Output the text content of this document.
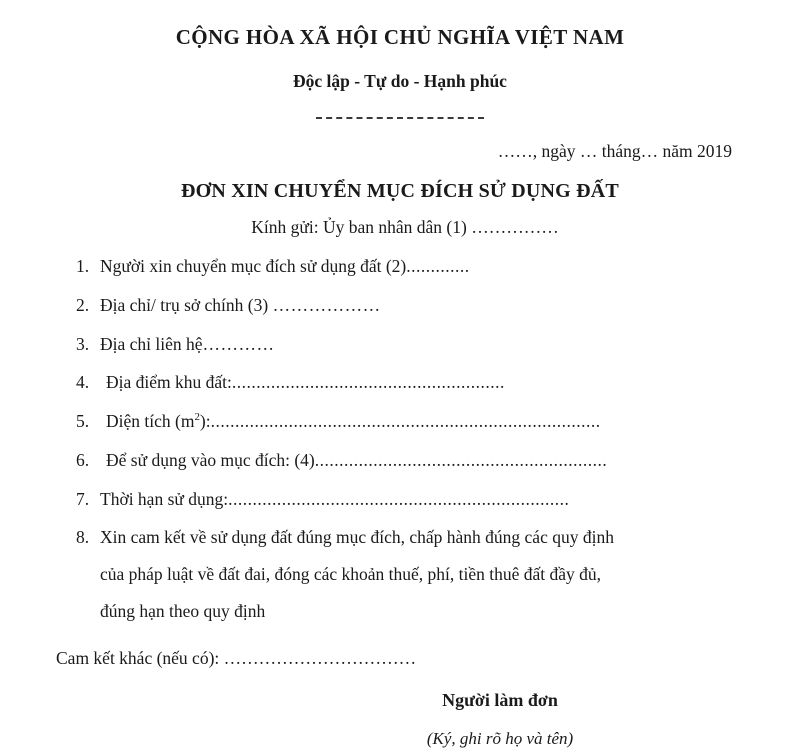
CỘNG HÒA XÃ HỘI CHỦ NGHĨA VIỆT NAM
Độc lập - Tự do - Hạnh phúc

……, ngày … tháng… năm 2019

ĐƠN XIN CHUYỂN MỤC ĐÍCH SỬ DỤNG ĐẤT

Kính gửi: Ủy ban nhân dân (1) ……………

1. Người xin chuyển mục đích sử dụng đất (2).............
2. Địa chỉ/ trụ sở chính (3) ………………
3. Địa chỉ liên hệ…………
4. Địa điểm khu đất:........................................................
5. Diện tích $(m^2)$:................................................................................
6. Để sử dụng vào mục đích: (4)............................................................
7. Thời hạn sử dụng:......................................................................
8. Xin cam kết về sử dụng đất đúng mục đích, chấp hành đúng các quy định
của pháp luật về đất đai, đóng các khoản thuế, phí, tiền thuê đất đầy đủ,
đúng hạn theo quy định

Cam kết khác (nếu có): ……………………………

Người làm đơn

(Ký, ghi rõ họ và tên)
